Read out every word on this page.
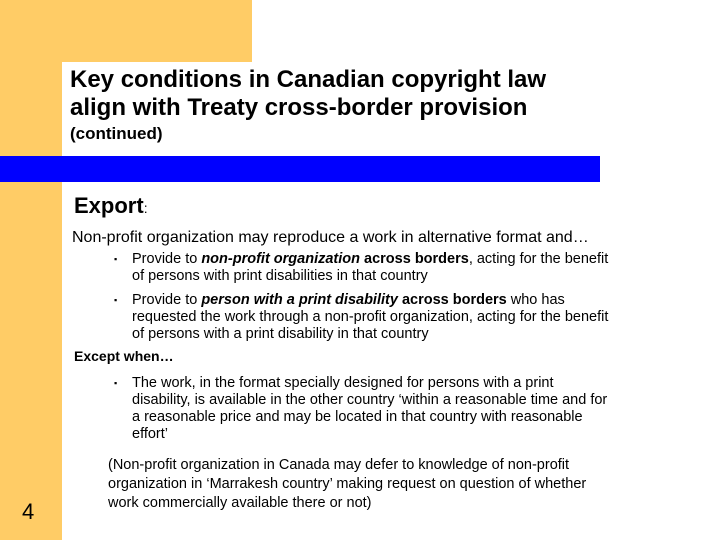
Key conditions in Canadian copyright law
align with Treaty cross-border provision

(continued)

Export:
Non-profit organization may reproduce a work in alternative format and…
▪ Provide to non-profit organization across borders, acting for the benefit
of persons with print disabilities in that country
▪ Provide to person with a print disability across borders who has
requested the work through a non-profit organization, acting for the benefit
of persons with a print disability in that country
Except when…
▪ The work, in the format specially designed for persons with a print
disability, is available in the other country ‘within a reasonable time and for
a reasonable price and may be located in that country with reasonable
effort’
(Non-profit organization in Canada may defer to knowledge of non-profit
organization in ‘Marrakesh country’ making request on question of whether
work commercially available there or not)
4
